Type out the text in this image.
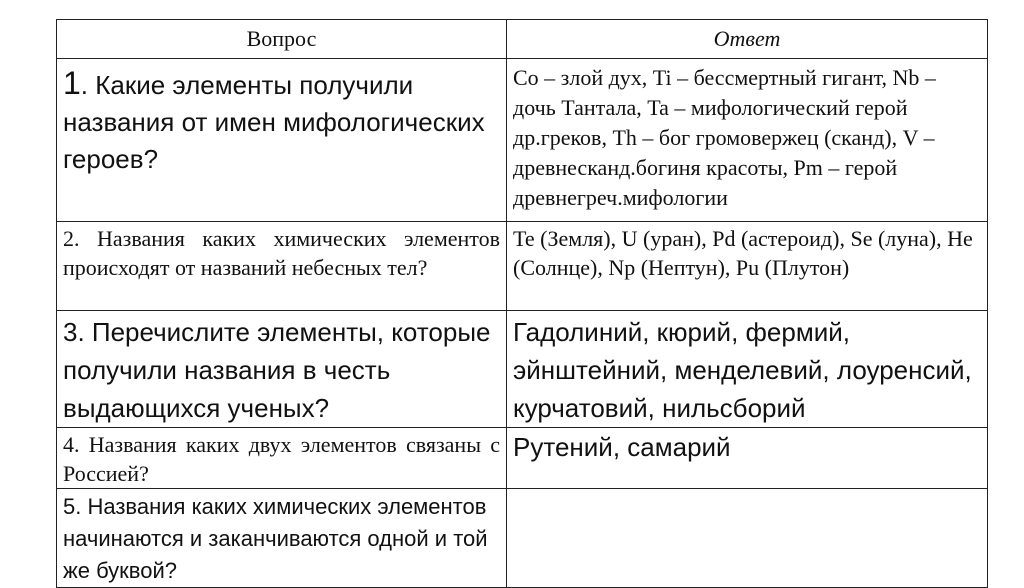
Вопрос	Ответ
1. Какие элементы получили названия от имен мифологических героев?	Co – злой дух, Ti – бессмертный гигант, Nb – дочь Тантала, Ta – мифологический герой др.греков, Th – бог громовержец (сканд), V – древнесканд.богиня красоты, Pm – герой древнегреч.мифологии
2. Названия каких химических элементов происходят от названий небесных тел?	Te (Земля), U (уран), Pd (астероид), Se (луна), He (Солнце), Np (Нептун), Pu (Плутон)
3. Перечислите элементы, которые получили названия в честь выдающихся ученых?	Гадолиний, кюрий, фермий, эйнштейний, менделевий, лоуренсий, курчатовий, нильсборий
4. Названия каких двух элементов связаны с Россией?	Рутений, самарий
5. Названия каких химических элементов начинаются и заканчиваются одной и той же буквой?	
